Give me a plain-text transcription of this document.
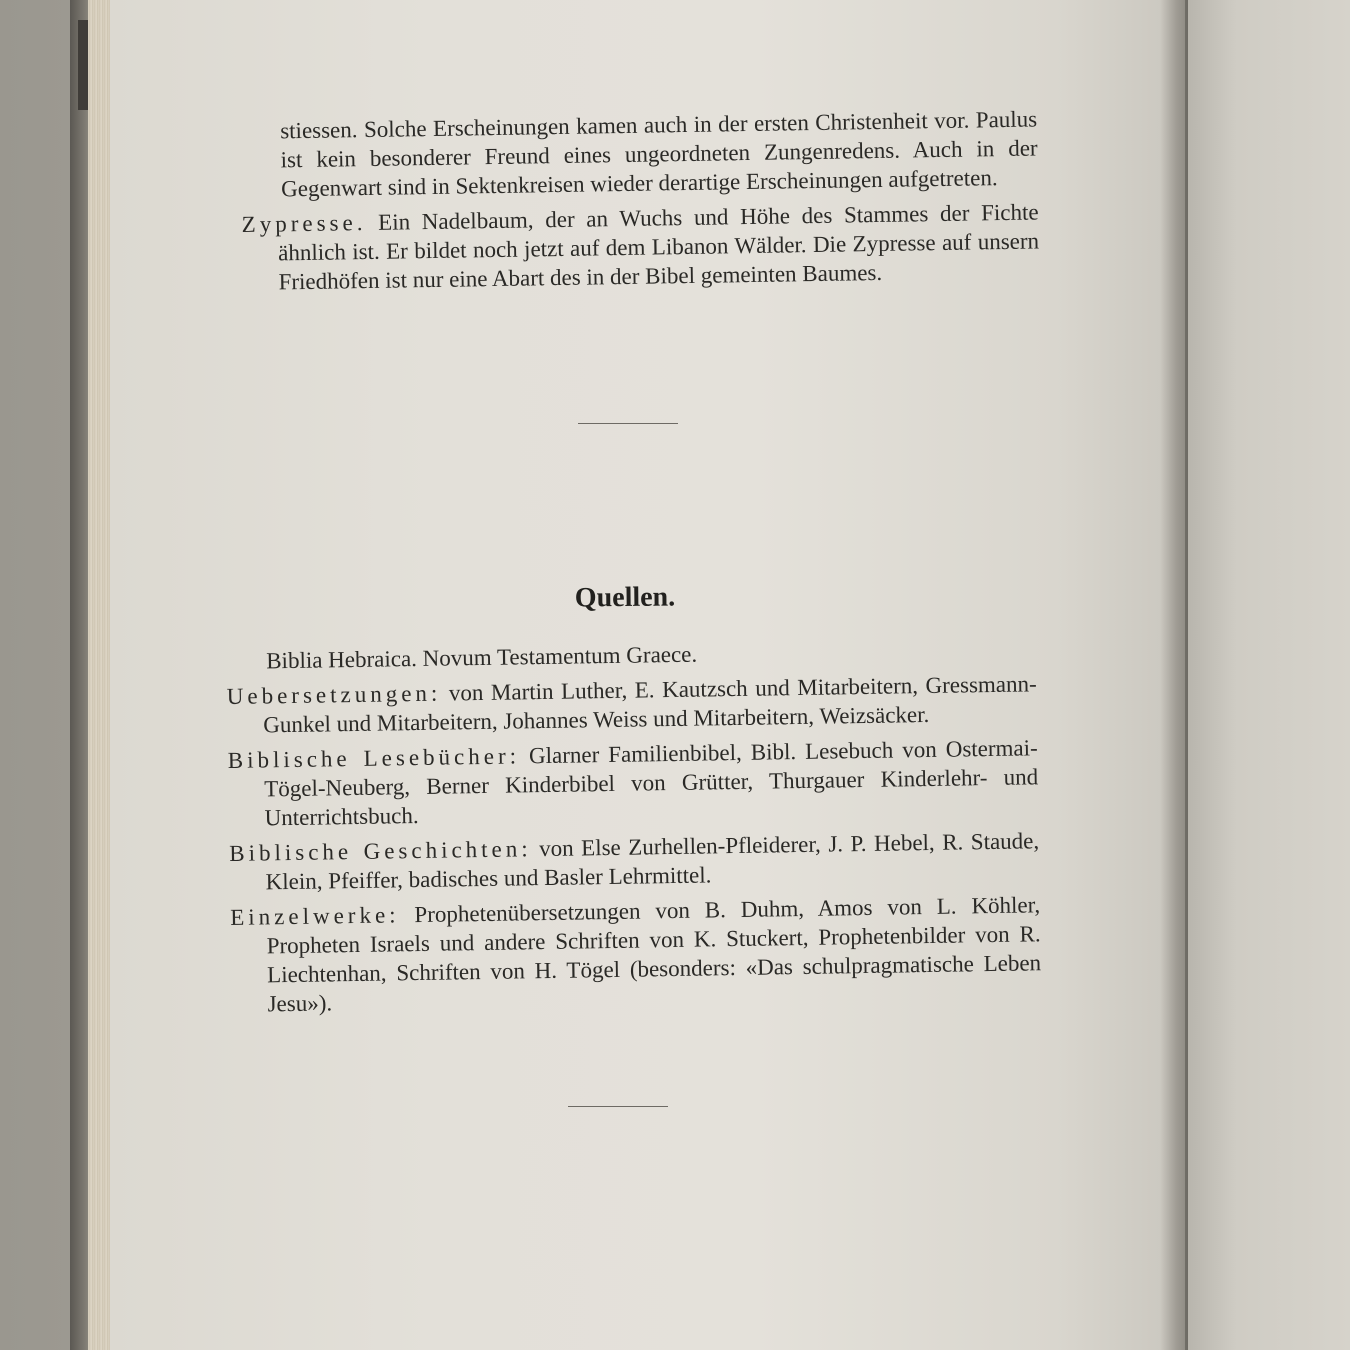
stiessen. Solche Erscheinungen kamen auch in der ersten Christenheit vor. Paulus ist kein besonderer Freund eines ungeordneten Zungenredens. Auch in der Gegenwart sind in Sektenkreisen wieder derartige Erscheinungen aufgetreten.

Zypresse. Ein Nadelbaum, der an Wuchs und Höhe des Stammes der Fichte ähnlich ist. Er bildet noch jetzt auf dem Libanon Wälder. Die Zypresse auf unsern Friedhöfen ist nur eine Abart des in der Bibel gemeinten Baumes.

Quellen.

Biblia Hebraica. Novum Testamentum Graece.

Uebersetzungen: von Martin Luther, E. Kautzsch und Mitarbeitern, Gressmann-Gunkel und Mitarbeitern, Johannes Weiss und Mitarbeitern, Weizsäcker.

Biblische Lesebücher: Glarner Familienbibel, Bibl. Lesebuch von Ostermai-Tögel-Neuberg, Berner Kinderbibel von Grütter, Thurgauer Kinderlehr- und Unterrichtsbuch.

Biblische Geschichten: von Else Zurhellen-Pfleiderer, J. P. Hebel, R. Staude, Klein, Pfeiffer, badisches und Basler Lehrmittel.

Einzelwerke: Prophetenübersetzungen von B. Duhm, Amos von L. Köhler, Propheten Israels und andere Schriften von K. Stuckert, Prophetenbilder von R. Liechtenhan, Schriften von H. Tögel (besonders: «Das schulpragmatische Leben Jesu»).
